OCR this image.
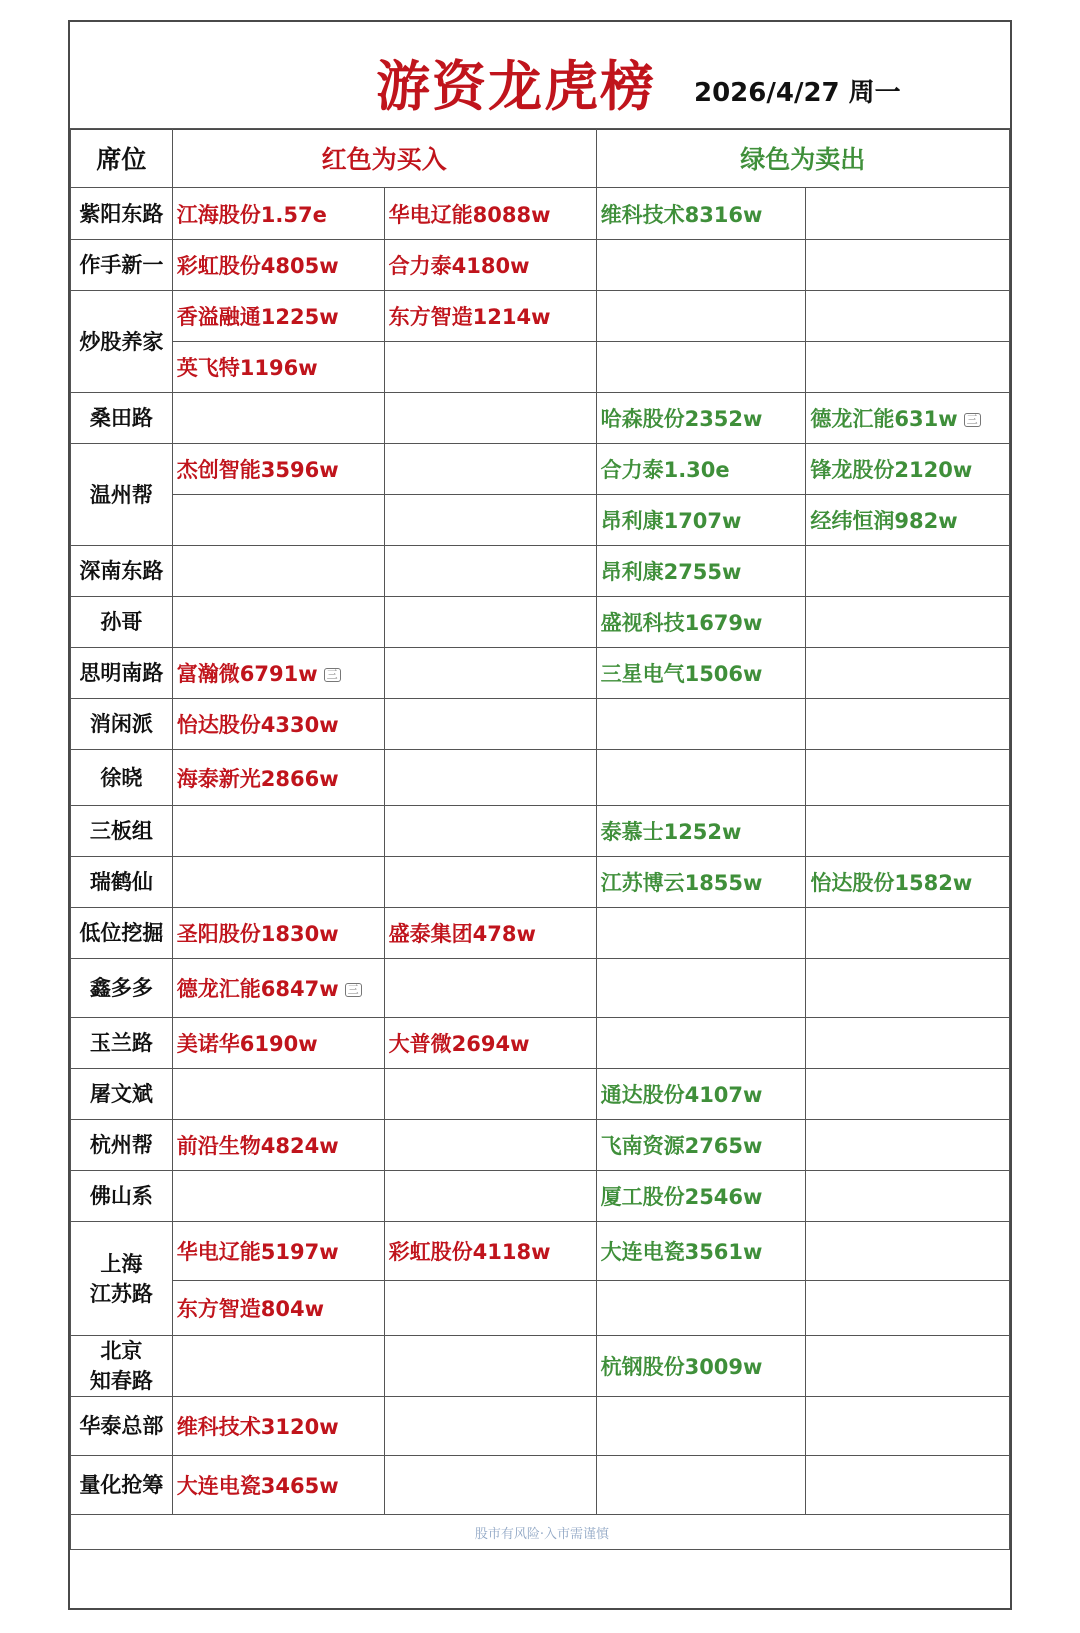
游资龙虎榜 2026/4/27 周一
席位	红色为买入		绿色为卖出	
紫阳东路	江海股份1.57e	华电辽能8088w	维科技术8316w	
作手新一	彩虹股份4805w	合力泰4180w		
炒股养家	香溢融通1225w	东方智造1214w		
	英飞特1196w			
桑田路			哈森股份2352w	德龙汇能631w 三
温州帮	杰创智能3596w		合力泰1.30e	锋龙股份2120w
			昂利康1707w	经纬恒润982w
深南东路			昂利康2755w	
孙哥			盛视科技1679w	
思明南路	富瀚微6791w 三		三星电气1506w	
消闲派	怡达股份4330w			
徐晓	海泰新光2866w			
三板组			泰慕士1252w	
瑞鹤仙			江苏博云1855w	怡达股份1582w
低位挖掘	圣阳股份1830w	盛泰集团478w		
鑫多多	德龙汇能6847w 三			
玉兰路	美诺华6190w	大普微2694w		
屠文斌			通达股份4107w	
杭州帮	前沿生物4824w		飞南资源2765w	
佛山系			厦工股份2546w	
上海
江苏路	华电辽能5197w	彩虹股份4118w	大连电瓷3561w	
	东方智造804w			
北京
知春路			杭钢股份3009w	
华泰总部	维科技术3120w			
量化抢筹	大连电瓷3465w			
股市有风险·入市需谨慎				
